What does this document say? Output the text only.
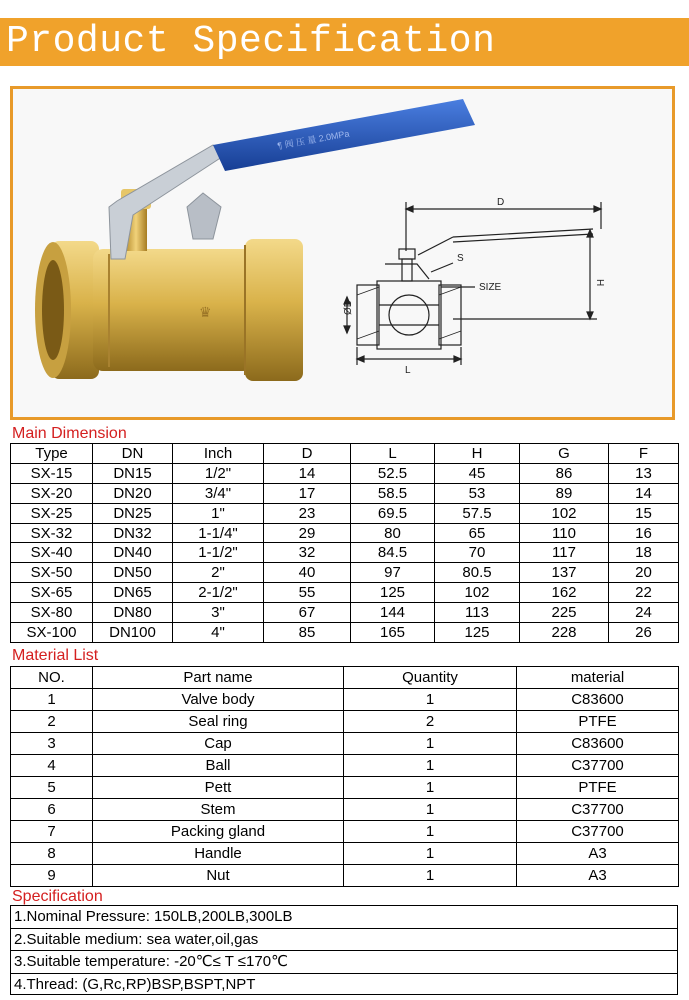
Product Specification
♛
¶ 阀 压 量 2.0MPa
D
H
S
SIZE
ØB
L
Main Dimension
Type	DN	Inch	D	L	H	G	F
SX-15	DN15	1/2"	14	52.5	45	86	13
SX-20	DN20	3/4"	17	58.5	53	89	14
SX-25	DN25	1"	23	69.5	57.5	102	15
SX-32	DN32	1-1/4"	29	80	65	110	16
SX-40	DN40	1-1/2"	32	84.5	70	117	18
SX-50	DN50	2"	40	97	80.5	137	20
SX-65	DN65	2-1/2"	55	125	102	162	22
SX-80	DN80	3"	67	144	113	225	24
SX-100	DN100	4"	85	165	125	228	26
Material List
NO.	Part name	Quantity	material
1	Valve body	1	C83600
2	Seal ring	2	PTFE
3	Cap	1	C83600
4	Ball	1	C37700
5	Pett	1	PTFE
6	Stem	1	C37700
7	Packing gland	1	C37700
8	Handle	1	A3
9	Nut	1	A3
Specification
1.Nominal Pressure: 150LB,200LB,300LB
2.Suitable medium: sea water,oil,gas
3.Suitable temperature: -20℃≤ T ≤170℃
4.Thread: (G,Rc,RP)BSP,BSPT,NPT
